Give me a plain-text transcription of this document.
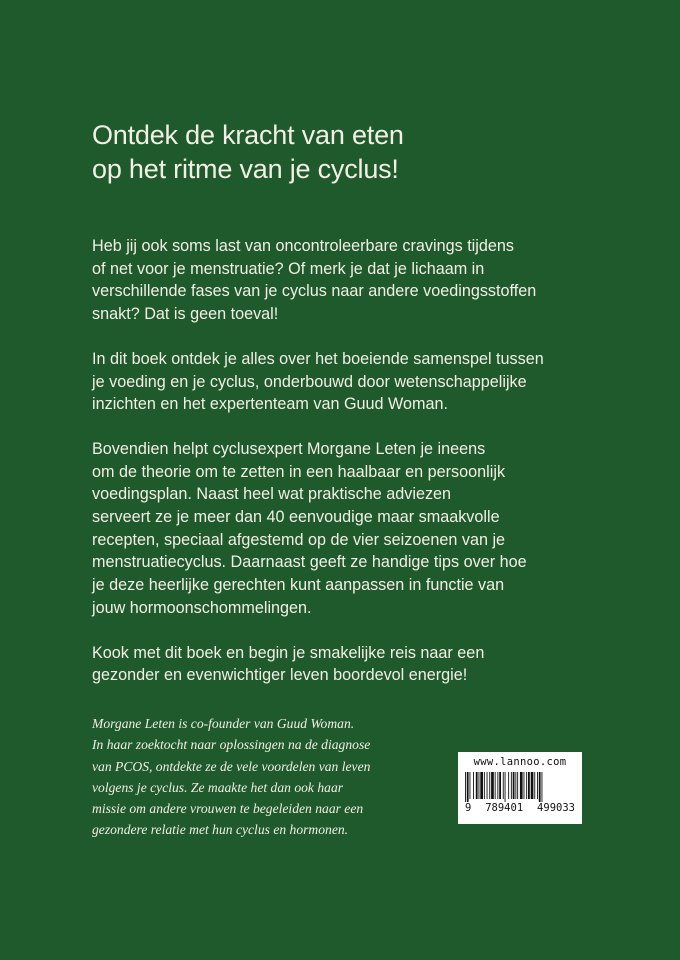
Ontdek de kracht van eten
op het ritme van je cyclus!

Heb jij ook soms last van oncontroleerbare cravings tijdens
of net voor je menstruatie? Of merk je dat je lichaam in
verschillende fases van je cyclus naar andere voedingsstoffen
snakt? Dat is geen toeval!

In dit boek ontdek je alles over het boeiende samenspel tussen
je voeding en je cyclus, onderbouwd door wetenschappelijke
inzichten en het expertenteam van Guud Woman.

Bovendien helpt cyclusexpert Morgane Leten je ineens
om de theorie om te zetten in een haalbaar en persoonlijk
voedingsplan. Naast heel wat praktische adviezen
serveert ze je meer dan 40 eenvoudige maar smaakvolle
recepten, speciaal afgestemd op de vier seizoenen van je
menstruatiecyclus. Daarnaast geeft ze handige tips over hoe
je deze heerlijke gerechten kunt aanpassen in functie van
jouw hormoonschommelingen.

Kook met dit boek en begin je smakelijke reis naar een
gezonder en evenwichtiger leven boordevol energie!

Morgane Leten is co-founder van Guud Woman.
In haar zoektocht naar oplossingen na de diagnose
van PCOS, ontdekte ze de vele voordelen van leven
volgens je cyclus. Ze maakte het dan ook haar
missie om andere vrouwen te begeleiden naar een
gezondere relatie met hun cyclus en hormonen.
www.lannoo.com
9 789401 499033
